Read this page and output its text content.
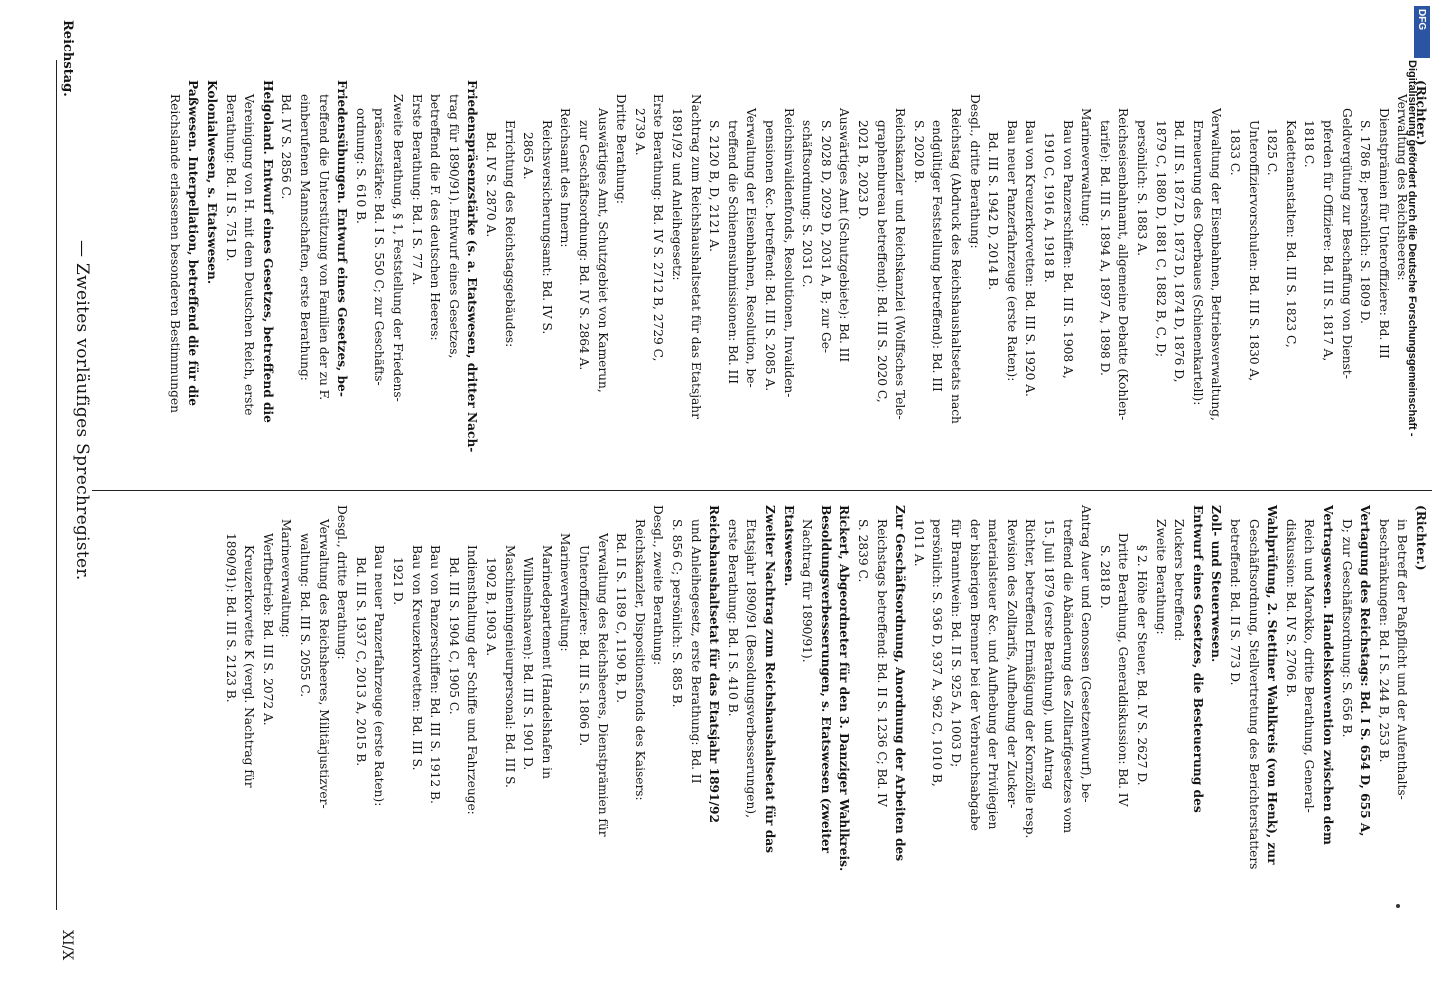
Reichstag.
— Zweites vorläufiges Sprechregister.
XI/X
(Richter.)
Verwaltung des Reichsheeres:
Dienstprämien für Unteroffiziere: Bd. III
S. 1786 B; persönlich: S. 1809 D.
Geldvergütung zur Beschaffung von Dienst-
pferden für Offiziere: Bd. III S. 1817 A,
1818 C.
Kadettenanstalten: Bd. III S. 1823 C,
1825 C.
Unteroffiziervorschulen: Bd. III S. 1830 A,
1833 C.
Verwaltung der Eisenbahnen, Betriebsverwaltung,
Erneuerung des Oberbaues (Schienenkartell):
Bd. III S. 1872 D, 1873 D, 1874 D, 1876 D,
1879 C, 1880 D, 1881 C, 1882 B, C, D;
persönlich: S. 1883 A.
Reichseisenbahnamt, allgemeine Debatte (Kohlen-
tarife): Bd. III S. 1894 A, 1897 A, 1898 D.
Marineverwaltung:
Bau von Panzerschiffen: Bd. III S. 1908 A,
1910 C, 1916 A, 1918 B.
Bau von Kreuzerkorvetten: Bd. III S. 1920 A.
Bau neuer Panzerfahrzeuge (erste Raten):
Bd. III S. 1942 D, 2014 B.
Desgl., dritte Berathung:
Reichstag (Abdruck des Reichshaushaltsetats nach
endgültiger Feststellung betreffend): Bd. III
S. 2020 B.
Reichskanzler und Reichskanzlei (Wolffsches Tele-
graphenbureau betreffend): Bd. III S. 2020 C,
2021 B, 2023 D.
Auswärtiges Amt (Schutzgebiete): Bd. III
S. 2028 D, 2029 D, 2031 A, B; zur Ge-
schäftsordnung: S. 2031 C.
Reichsinvalidenfonds, Resolutionen, Invaliden-
pensionen &c. betreffend: Bd. III S. 2085 A.
Verwaltung der Eisenbahnen, Resolution, be-
treffend die Schienensubmissionen: Bd. III
S. 2120 B, D, 2121 A.
Nachtrag zum Reichshaushaltsetat für das Etatsjahr
1891/92 und Anleihegesetz:
Erste Berathung: Bd. IV S. 2712 B, 2729 C,
2739 A.
Dritte Berathung:
Auswärtiges Amt, Schutzgebiet von Kamerun,
zur Geschäftsordnung: Bd. IV S. 2864 A.
Reichsamt des Innern:
Reichsversicherungsamt: Bd. IV S.
2865 A.
Errichtung des Reichstagsgebäudes:
Bd. IV S. 2870 A.
Friedenspräsenzstärke (s. a. Etatswesen, dritter Nach-
trag für 1890/91). Entwurf eines Gesetzes,
betreffend die F. des deutschen Heeres:
Erste Berathung: Bd. I S. 77 A.
Zweite Berathung, § 1, Feststellung der Friedens-
präsenzstärke: Bd. I S. 550 C; zur Geschäfts-
ordnung: S. 610 B.
Friedensübungen. Entwurf eines Gesetzes, be-
treffend die Unterstützung von Familien der zu F.
einberufenen Mannschaften, erste Berathung:
Bd. IV S. 2856 C.
Helgoland. Entwurf eines Gesetzes, betreffend die
Vereinigung von H. mit dem Deutschen Reich, erste
Berathung: Bd. II S. 751 D.
Kolonialwesen, s. Etatswesen.
Paßwesen. Interpellation, betreffend die für die
Reichslande erlassenen besonderen Bestimmungen
(Richter.)
in Betreff der Paßpflicht und der Aufenthalts-
beschränkungen: Bd. I S. 244 B, 253 B.
Vertagung des Reichstags: Bd. I S. 654 D, 655 A,
D; zur Geschäftsordnung: S. 656 B.
Vertragswesen. Handelskonvention zwischen dem
Reich und Marokko, dritte Berathung, General-
diskussion: Bd. IV S. 2706 B.
Wahlprüfung, 2. Stettiner Wahlkreis (von Henk), zur
Geschäftsordnung, Stellvertretung des Berichterstatters
betreffend: Bd. II S. 773 D.
Zoll- und Steuerwesen.
Entwurf eines Gesetzes, die Besteuerung des
Zuckers betreffend:
Zweite Berathung:
§ 2. Höhe der Steuer, Bd. IV S. 2627 D.
Dritte Berathung, Generaldiskussion: Bd. IV
S. 2818 D.
Antrag Auer und Genossen (Gesetzentwurf), be-
treffend die Abänderung des Zolltarifgesetzes vom
15. Juli 1879 (erste Berathung), und Antrag
Richter, betreffend Ermäßigung der Kornzölle resp.
Revision des Zolltarifs, Aufhebung der Zucker-
materialsteuer &c. und Aufhebung der Privilegien
der bisherigen Brenner bei der Verbrauchsabgabe
für Branntwein: Bd. II S. 925 A, 1003 D;
persönlich: S. 936 D, 937 A, 962 C, 1010 B,
1011 A.
Zur Geschäftsordnung, Anordnung der Arbeiten des
Reichstags betreffend: Bd. II S. 1236 C; Bd. IV
S. 2839 C.
Rickert, Abgeordneter für den 3. Danziger Wahlkreis.
Besoldungsverbesserungen, s. Etatswesen (zweiter
Nachtrag für 1890/91).
Etatswesen.
Zweiter Nachtrag zum Reichshaushaltsetat für das
Etatsjahr 1890/91 (Besoldungsverbesserungen),
erste Berathung: Bd. I S. 410 B.
Reichshaushaltsetat für das Etatsjahr 1891/92
und Anleihegesetz, erste Berathung: Bd. II
S. 856 C; persönlich: S. 885 B.
Desgl., zweite Berathung:
Reichskanzler, Dispositionsfonds des Kaisers:
Bd. II S. 1189 C, 1190 B, D.
Verwaltung des Reichsheeres, Dienstprämien für
Unteroffiziere: Bd. III S. 1806 D.
Marineverwaltung:
Marinedepartement (Handelshafen in
Wilhelmshaven): Bd. III S. 1901 D.
Maschineningenieurpersonal: Bd. III S.
1902 B, 1903 A.
Indiensthaltung der Schiffe und Fahrzeuge:
Bd. III S. 1904 C, 1905 C.
Bau von Panzerschiffen: Bd. III S. 1912 B.
Bau von Kreuzerkorvetten: Bd. III S.
1921 D.
Bau neuer Panzerfahrzeuge (erste Raten):
Bd. III S. 1937 C, 2013 A, 2015 B.
Desgl., dritte Berathung:
Verwaltung des Reichsheeres, Militärjustizver-
waltung: Bd. III S. 2055 C.
Marineverwaltung:
Werftbetrieb: Bd. III S. 2072 A.
Kreuzerkorvette K (vergl. Nachtrag für
1890/91): Bd. III S. 2123 B.
Digitalisierung gefördert durch die Deutsche Forschungsgemeinschaft -
DFG
